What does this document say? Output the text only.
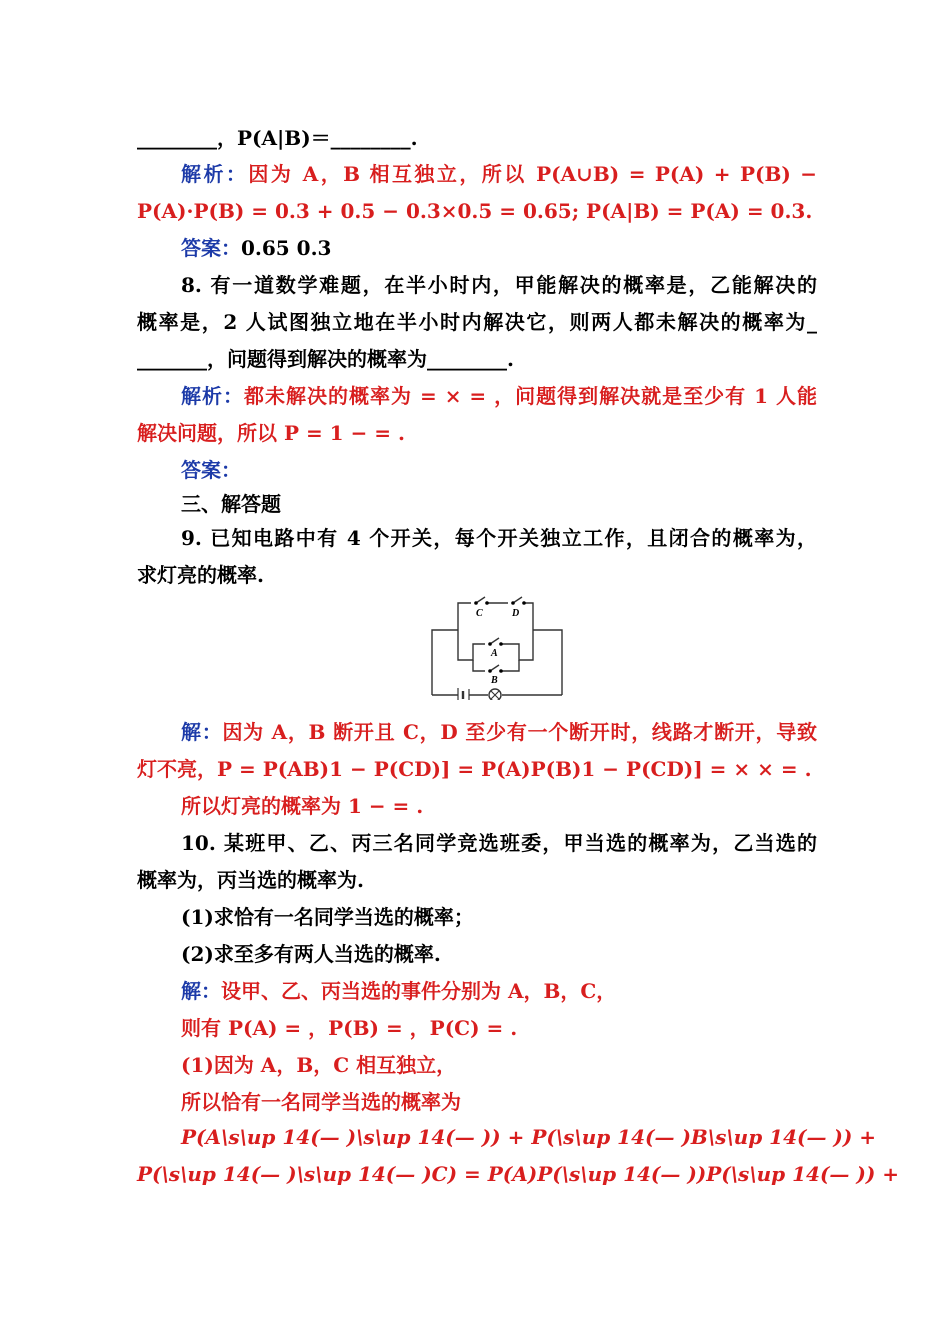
________，P(A|B)＝________.
解析：因为 A，B 相互独立，所以 P(A∪B) = P(A) + P(B) −
P(A)·P(B) = 0.3 + 0.5 − 0.3×0.5 = 0.65; P(A|B) = P(A) = 0.3.
答案：0.65 0.3
8. 有一道数学难题，在半小时内，甲能解决的概率是，乙能解决的
概率是，2 人试图独立地在半小时内解决它，则两人都未解决的概率为_
_______，问题得到解决的概率为________.
解析：都未解决的概率为 = × = ，问题得到解决就是至少有 1 人能
解决问题，所以 P = 1 − = .
答案：
三、解答题
9. 已知电路中有 4 个开关，每个开关独立工作，且闭合的概率为，
求灯亮的概率.
C	D
A
B
解：因为 A，B 断开且 C，D 至少有一个断开时，线路才断开，导致
灯不亮，P = P(AB)1 − P(CD)] = P(A)P(B)1 − P(CD)] = × × = .
所以灯亮的概率为 1 − = .
10. 某班甲、乙、丙三名同学竞选班委，甲当选的概率为，乙当选的
概率为，丙当选的概率为.
(1)求恰有一名同学当选的概率；
(2)求至多有两人当选的概率.
解：设甲、乙、丙当选的事件分别为 A，B，C，
则有 P(A) = ，P(B) = ，P(C) = .
(1)因为 A，B，C 相互独立，
所以恰有一名同学当选的概率为
P(A\s\up 14(— )\s\up 14(— )) + P(\s\up 14(— )B\s\up 14(— )) +
P(\s\up 14(— )\s\up 14(— )C) = P(A)P(\s\up 14(— ))P(\s\up 14(— )) +
